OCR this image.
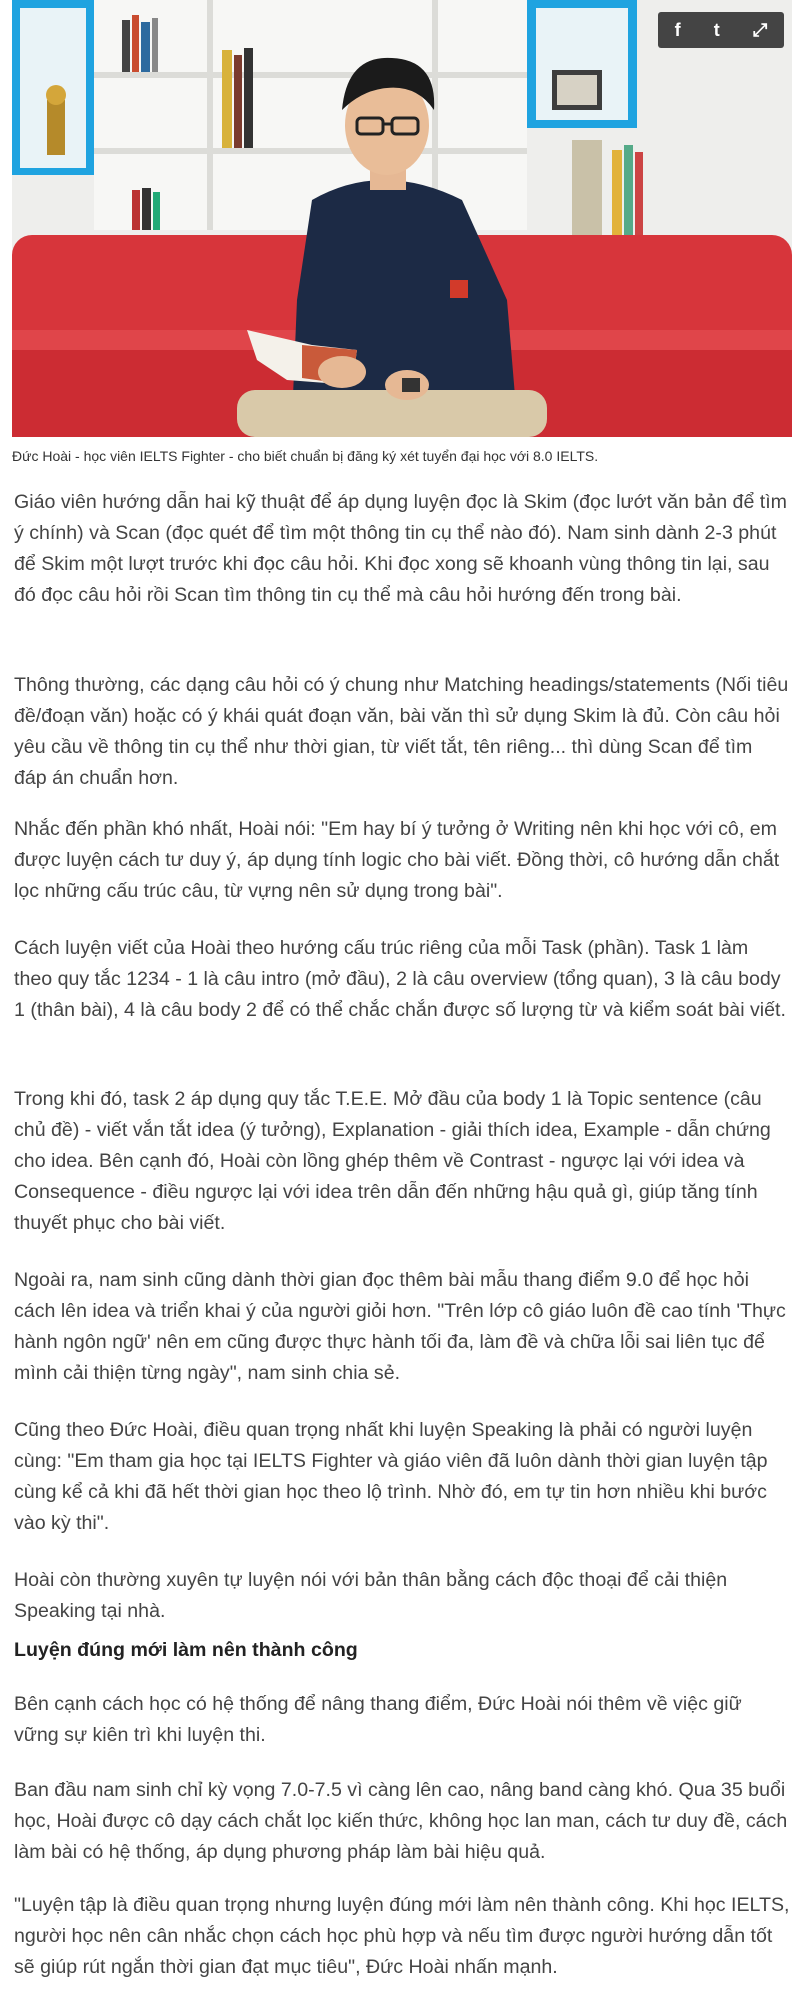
f t ⤢
Đức Hoài - học viên IELTS Fighter - cho biết chuẩn bị đăng ký xét tuyển đại học với 8.0 IELTS.

Giáo viên hướng dẫn hai kỹ thuật để áp dụng luyện đọc là Skim (đọc lướt văn bản để tìm ý chính) và Scan (đọc quét để tìm một thông tin cụ thể nào đó). Nam sinh dành 2-3 phút để Skim một lượt trước khi đọc câu hỏi. Khi đọc xong sẽ khoanh vùng thông tin lại, sau đó đọc câu hỏi rồi Scan tìm thông tin cụ thể mà câu hỏi hướng đến trong bài.

Thông thường, các dạng câu hỏi có ý chung như Matching headings/statements (Nối tiêu đề/đoạn văn) hoặc có ý khái quát đoạn văn, bài văn thì sử dụng Skim là đủ. Còn câu hỏi yêu cầu về thông tin cụ thể như thời gian, từ viết tắt, tên riêng... thì dùng Scan để tìm đáp án chuẩn hơn.

Nhắc đến phần khó nhất, Hoài nói: "Em hay bí ý tưởng ở Writing nên khi học với cô, em được luyện cách tư duy ý, áp dụng tính logic cho bài viết. Đồng thời, cô hướng dẫn chắt lọc những cấu trúc câu, từ vựng nên sử dụng trong bài".

Cách luyện viết của Hoài theo hướng cấu trúc riêng của mỗi Task (phần). Task 1 làm theo quy tắc 1234 - 1 là câu intro (mở đầu), 2 là câu overview (tổng quan), 3 là câu body 1 (thân bài), 4 là câu body 2 để có thể chắc chắn được số lượng từ và kiểm soát bài viết.

Trong khi đó, task 2 áp dụng quy tắc T.E.E. Mở đầu của body 1 là Topic sentence (câu chủ đề) - viết vắn tắt idea (ý tưởng), Explanation - giải thích idea, Example - dẫn chứng cho idea. Bên cạnh đó, Hoài còn lồng ghép thêm về Contrast - ngược lại với idea và Consequence - điều ngược lại với idea trên dẫn đến những hậu quả gì, giúp tăng tính thuyết phục cho bài viết.

Ngoài ra, nam sinh cũng dành thời gian đọc thêm bài mẫu thang điểm 9.0 để học hỏi cách lên idea và triển khai ý của người giỏi hơn. "Trên lớp cô giáo luôn đề cao tính 'Thực hành ngôn ngữ' nên em cũng được thực hành tối đa, làm đề và chữa lỗi sai liên tục để mình cải thiện từng ngày", nam sinh chia sẻ.

Cũng theo Đức Hoài, điều quan trọng nhất khi luyện Speaking là phải có người luyện cùng: "Em tham gia học tại IELTS Fighter và giáo viên đã luôn dành thời gian luyện tập cùng kể cả khi đã hết thời gian học theo lộ trình. Nhờ đó, em tự tin hơn nhiều khi bước vào kỳ thi".

Hoài còn thường xuyên tự luyện nói với bản thân bằng cách độc thoại để cải thiện Speaking tại nhà.

Luyện đúng mới làm nên thành công

Bên cạnh cách học có hệ thống để nâng thang điểm, Đức Hoài nói thêm về việc giữ vững sự kiên trì khi luyện thi.

Ban đầu nam sinh chỉ kỳ vọng 7.0-7.5 vì càng lên cao, nâng band càng khó. Qua 35 buổi học, Hoài được cô dạy cách chắt lọc kiến thức, không học lan man, cách tư duy đề, cách làm bài có hệ thống, áp dụng phương pháp làm bài hiệu quả.

"Luyện tập là điều quan trọng nhưng luyện đúng mới làm nên thành công. Khi học IELTS, người học nên cân nhắc chọn cách học phù hợp và nếu tìm được người hướng dẫn tốt sẽ giúp rút ngắn thời gian đạt mục tiêu", Đức Hoài nhấn mạnh.
